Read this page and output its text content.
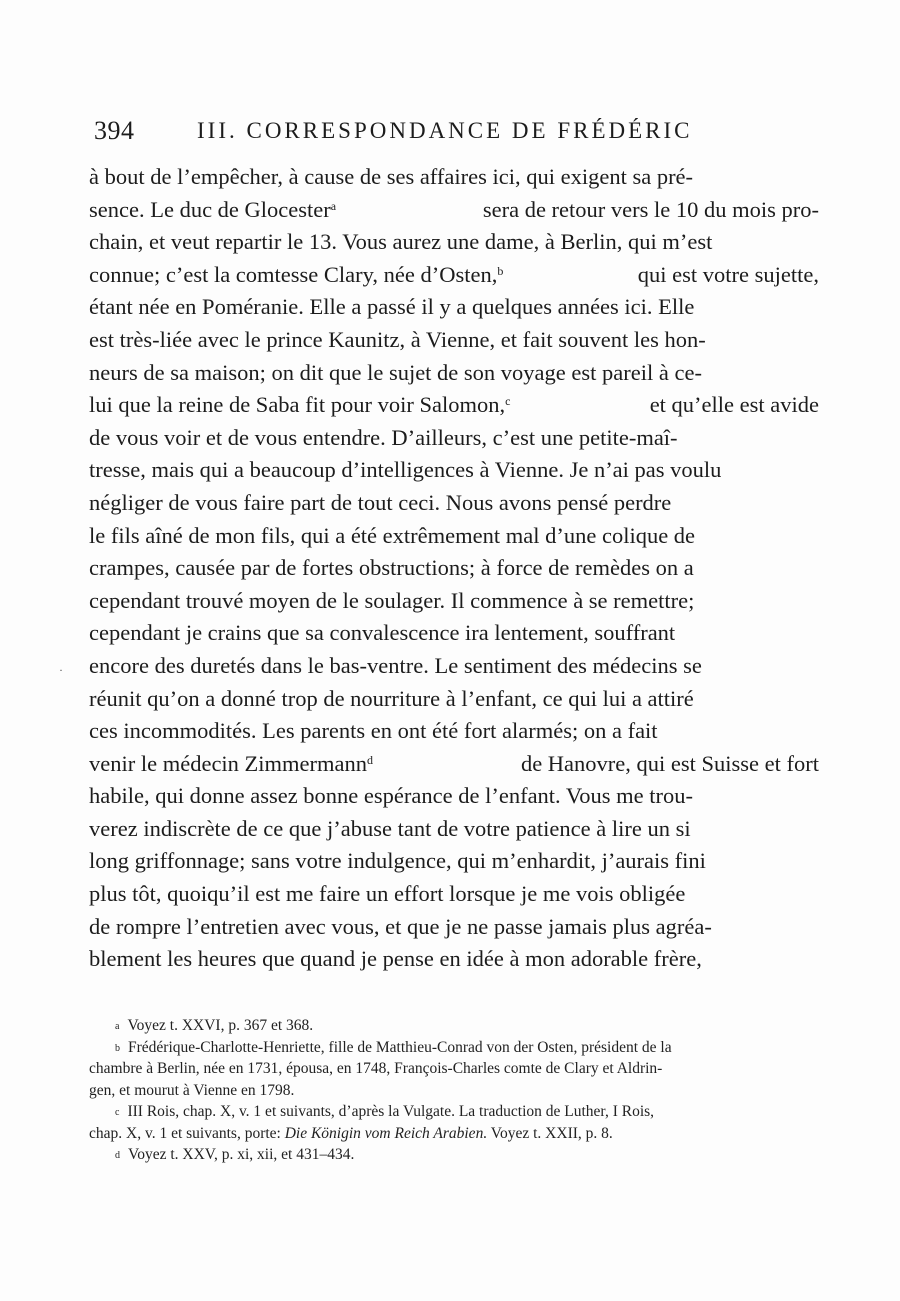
394	III. CORRESPONDANCE DE FRÉDÉRIC
·
à bout de l’empêcher, à cause de ses affaires ici, qui exigent sa pré-
sence. Le duc de Glocester$^a$	sera de retour vers le 10 du mois pro-
chain, et veut repartir le 13. Vous aurez une dame, à Berlin, qui m’est
connue; c’est la comtesse Clary, née d’Osten,$^b$	qui est votre sujette,
étant née en Poméranie. Elle a passé il y a quelques années ici. Elle
est très-liée avec le prince Kaunitz, à Vienne, et fait souvent les hon-
neurs de sa maison; on dit que le sujet de son voyage est pareil à ce-
lui que la reine de Saba fit pour voir Salomon,$^c$	et qu’elle est avide
de vous voir et de vous entendre. D’ailleurs, c’est une petite-maî-
tresse, mais qui a beaucoup d’intelligences à Vienne. Je n’ai pas voulu
négliger de vous faire part de tout ceci. Nous avons pensé perdre
le fils aîné de mon fils, qui a été extrêmement mal d’une colique de
crampes, causée par de fortes obstructions; à force de remèdes on a
cependant trouvé moyen de le soulager. Il commence à se remettre;
cependant je crains que sa convalescence ira lentement, souffrant
encore des duretés dans le bas-ventre. Le sentiment des médecins se
réunit qu’on a donné trop de nourriture à l’enfant, ce qui lui a attiré
ces incommodités. Les parents en ont été fort alarmés; on a fait
venir le médecin Zimmermann$^d$	de Hanovre, qui est Suisse et fort
habile, qui donne assez bonne espérance de l’enfant. Vous me trou-
verez indiscrète de ce que j’abuse tant de votre patience à lire un si
long griffonnage; sans votre indulgence, qui m’enhardit, j’aurais fini
plus tôt, quoiqu’il est me faire un effort lorsque je me vois obligée
de rompre l’entretien avec vous, et que je ne passe jamais plus agréa-
blement les heures que quand je pense en idée à mon adorable frère,
$^a$ Voyez t. XXVI, p. 367 et 368.
$^b$ Frédérique-Charlotte-Henriette, fille de Matthieu-Conrad von der Osten, président de la
chambre à Berlin, née en 1731, épousa, en 1748, François-Charles comte de Clary et Aldrin-
gen, et mourut à Vienne en 1798.
$^c$ III Rois, chap. X, v. 1 et suivants, d’après la Vulgate. La traduction de Luther, I Rois,
chap. X, v. 1 et suivants, porte: Die Königin vom Reich Arabien. Voyez t. XXII, p. 8.
$^d$ Voyez t. XXV, p. xi, xii, et 431–434.
